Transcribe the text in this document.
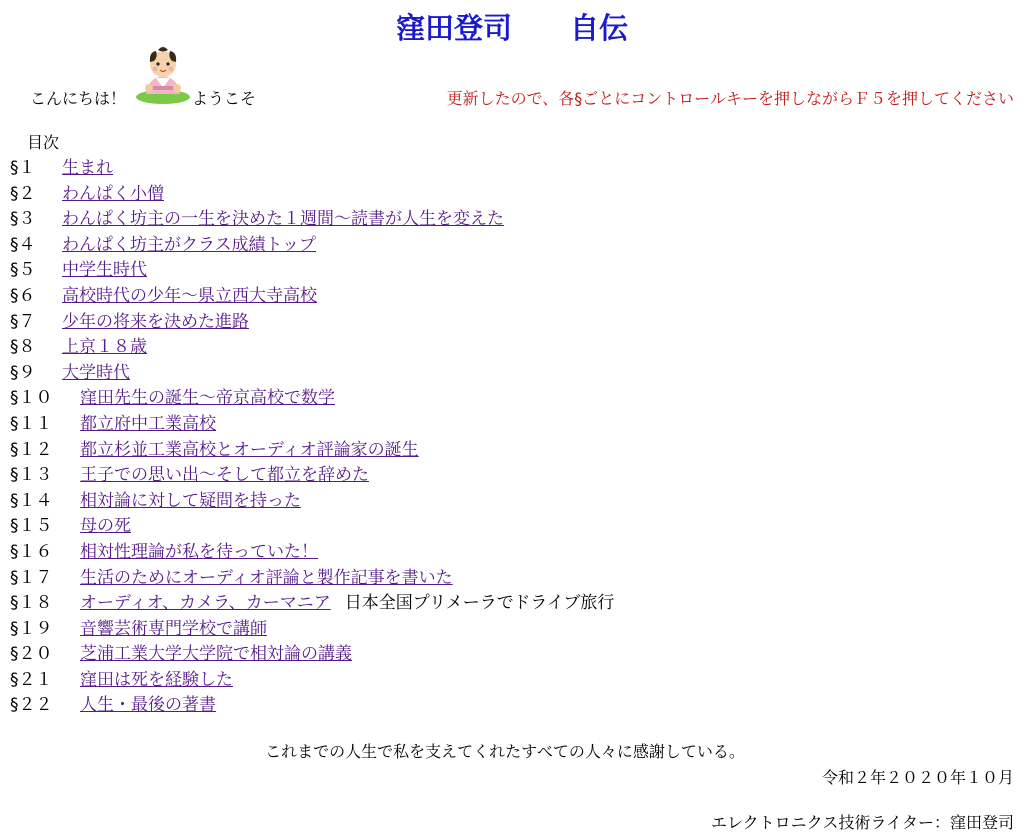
窪田登司　　自伝
こんにちは！	ようこそ	更新したので、各§ごとにコントロールキーを押しながらＦ５を押してください
目次
§１ 生まれ
§２ わんぱく小僧
§３ わんぱく坊主の一生を決めた１週間～読書が人生を変えた
§４ わんぱく坊主がクラス成績トップ
§５ 中学生時代
§６ 高校時代の少年～県立西大寺高校
§７ 少年の将来を決めた進路
§８ 上京１８歳
§９ 大学時代
§１０ 窪田先生の誕生～帝京高校で数学
§１１ 都立府中工業高校
§１２ 都立杉並工業高校とオーディオ評論家の誕生
§１３ 王子での思い出～そして都立を辞めた
§１４ 相対論に対して疑問を持った
§１５ 母の死
§１６ 相対性理論が私を待っていた！
§１７ 生活のためにオーディオ評論と製作記事を書いた
§１８ オーディオ、カメラ、カーマニア 日本全国プリメーラでドライブ旅行
§１９ 音響芸術専門学校で講師
§２０ 芝浦工業大学大学院で相対論の講義
§２１ 窪田は死を経験した
§２２ 人生・最後の著書
これまでの人生で私を支えてくれたすべての人々に感謝している。
令和２年２０２０年１０月
エレクトロニクス技術ライター：窪田登司
